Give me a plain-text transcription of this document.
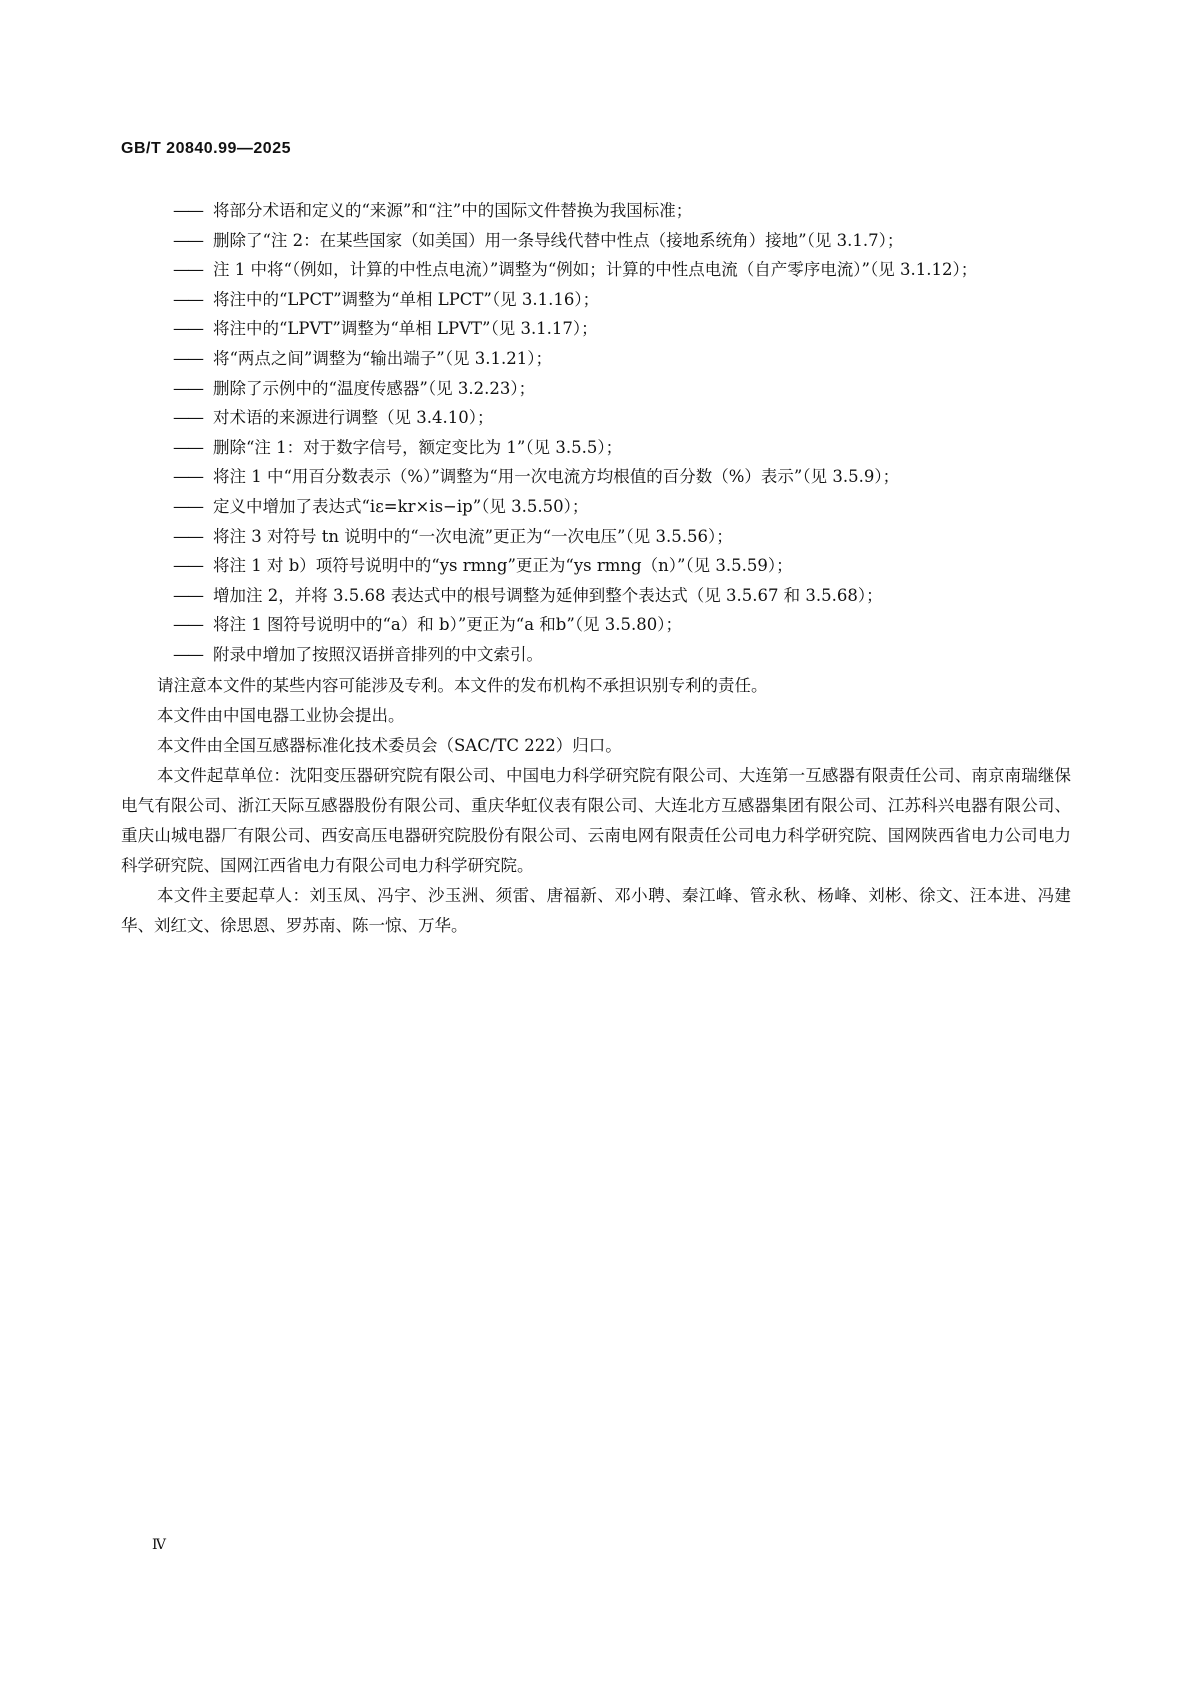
GB/T 20840.99—2025
—— 将部分术语和定义的“来源”和“注”中的国际文件替换为我国标准；
—— 删除了“注 2：在某些国家（如美国）用一条导线代替中性点（接地系统角）接地”（见 3.1.7）；
—— 注 1 中将“（例如，计算的中性点电流）”调整为“例如；计算的中性点电流（自产零序电流）”（见 3.1.12）；
—— 将注中的“LPCT”调整为“单相 LPCT”（见 3.1.16）；
—— 将注中的“LPVT”调整为“单相 LPVT”（见 3.1.17）；
—— 将“两点之间”调整为“输出端子”（见 3.1.21）；
—— 删除了示例中的“温度传感器”（见 3.2.23）；
—— 对术语的来源进行调整（见 3.4.10）；
—— 删除“注 1：对于数字信号，额定变比为 1”（见 3.5.5）；
—— 将注 1 中“用百分数表示（%）”调整为“用一次电流方均根值的百分数（%）表示”（见 3.5.9）；
—— 定义中增加了表达式“iε=kr×is−ip”（见 3.5.50）；
—— 将注 3 对符号 tn 说明中的“一次电流”更正为“一次电压”（见 3.5.56）；
—— 将注 1 对 b）项符号说明中的“ys rmng”更正为“ys rmng（n）”（见 3.5.59）；
—— 增加注 2，并将 3.5.68 表达式中的根号调整为延伸到整个表达式（见 3.5.67 和 3.5.68）；
—— 将注 1 图符号说明中的“a）和 b）”更正为“a 和b”（见 3.5.80）；
—— 附录中增加了按照汉语拼音排列的中文索引。

请注意本文件的某些内容可能涉及专利。本文件的发布机构不承担识别专利的责任。

本文件由中国电器工业协会提出。

本文件由全国互感器标准化技术委员会（SAC/TC 222）归口。

本文件起草单位：沈阳变压器研究院有限公司、中国电力科学研究院有限公司、大连第一互感器有限责任公司、南京南瑞继保电气有限公司、浙江天际互感器股份有限公司、重庆华虹仪表有限公司、大连北方互感器集团有限公司、江苏科兴电器有限公司、重庆山城电器厂有限公司、西安高压电器研究院股份有限公司、云南电网有限责任公司电力科学研究院、国网陕西省电力公司电力科学研究院、国网江西省电力有限公司电力科学研究院。

本文件主要起草人：刘玉凤、冯宇、沙玉洲、须雷、唐福新、邓小聘、秦江峰、管永秋、杨峰、刘彬、徐文、汪本进、冯建华、刘红文、徐思恩、罗苏南、陈一惊、万华。

Ⅳ
